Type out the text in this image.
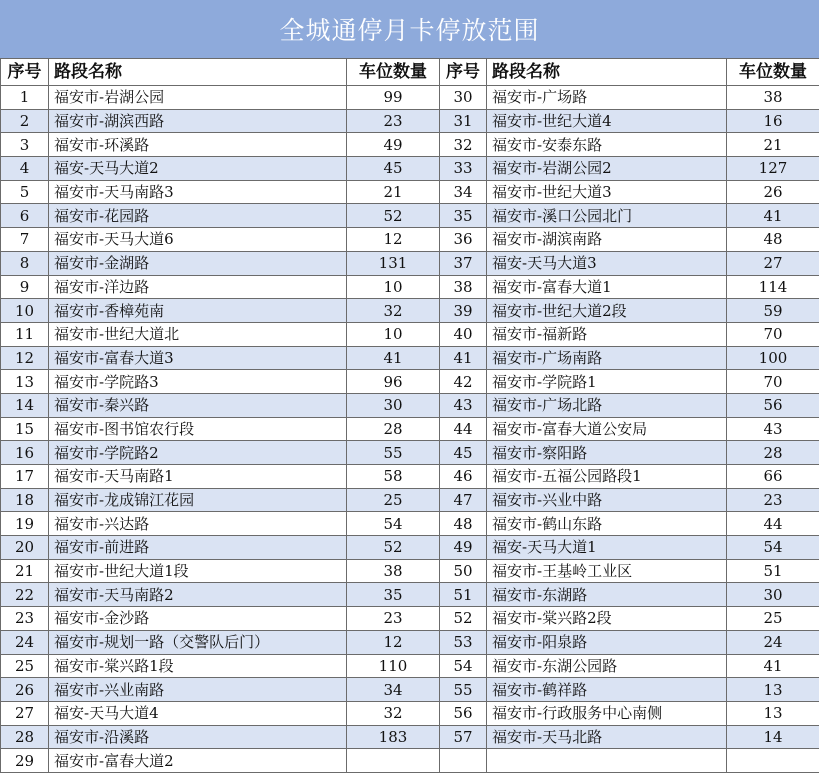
全城通停月卡停放范围
序号	路段名称	车位数量	序号	路段名称	车位数量
1	福安市-岩湖公园	99	30	福安市-广场路	38
2	福安市-湖滨西路	23	31	福安市-世纪大道4	16
3	福安市-环溪路	49	32	福安市-安泰东路	21
4	福安-天马大道2	45	33	福安市-岩湖公园2	127
5	福安市-天马南路3	21	34	福安市-世纪大道3	26
6	福安市-花园路	52	35	福安市-溪口公园北门	41
7	福安市-天马大道6	12	36	福安市-湖滨南路	48
8	福安市-金湖路	131	37	福安-天马大道3	27
9	福安市-洋边路	10	38	福安市-富春大道1	114
10	福安市-香樟苑南	32	39	福安市-世纪大道2段	59
11	福安市-世纪大道北	10	40	福安市-福新路	70
12	福安市-富春大道3	41	41	福安市-广场南路	100
13	福安市-学院路3	96	42	福安市-学院路1	70
14	福安市-秦兴路	30	43	福安市-广场北路	56
15	福安市-图书馆农行段	28	44	福安市-富春大道公安局	43
16	福安市-学院路2	55	45	福安市-察阳路	28
17	福安市-天马南路1	58	46	福安市-五福公园路段1	66
18	福安市-龙成锦江花园	25	47	福安市-兴业中路	23
19	福安市-兴达路	54	48	福安市-鹤山东路	44
20	福安市-前进路	52	49	福安-天马大道1	54
21	福安市-世纪大道1段	38	50	福安市-王基岭工业区	51
22	福安市-天马南路2	35	51	福安市-东湖路	30
23	福安市-金沙路	23	52	福安市-棠兴路2段	25
24	福安市-规划一路（交警队后门）	12	53	福安市-阳泉路	24
25	福安市-棠兴路1段	110	54	福安市-东湖公园路	41
26	福安市-兴业南路	34	55	福安市-鹤祥路	13
27	福安-天马大道4	32	56	福安市-行政服务中心南侧	13
28	福安市-沿溪路	183	57	福安市-天马北路	14
29	福安市-富春大道2				
